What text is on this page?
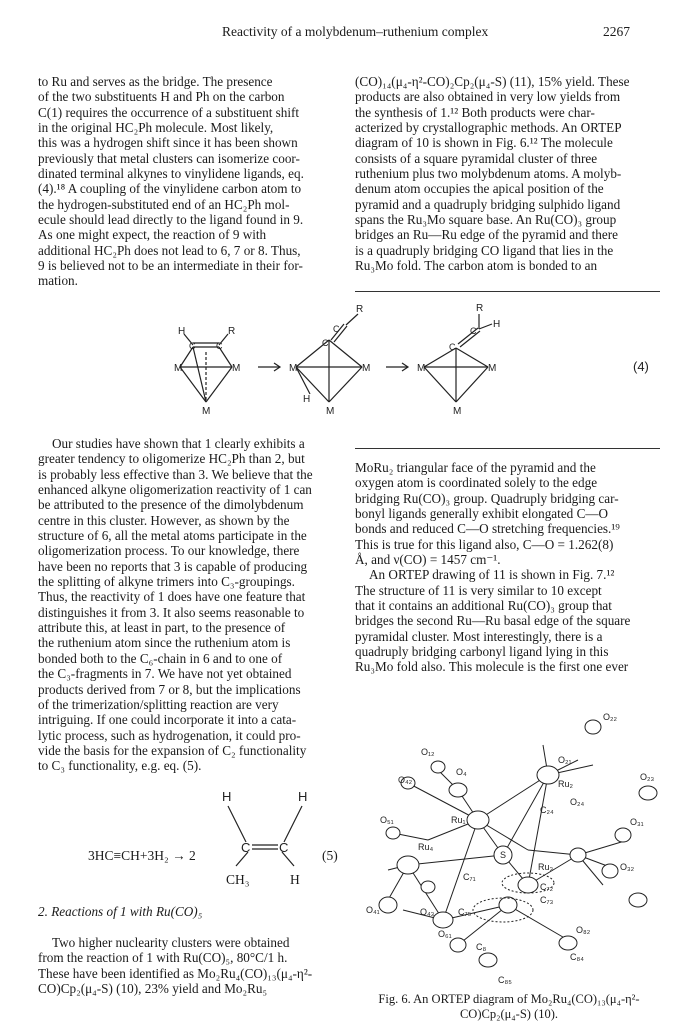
Reactivity of a molybdenum–ruthenium complex	2267

to Ru and serves as the bridge. The presence

of the two substituents H and Ph on the carbon

C(1) requires the occurrence of a substituent shift

in the original HC₂Ph molecule. Most likely,

this was a hydrogen shift since it has been shown

previously that metal clusters can isomerize coor-

dinated terminal alkynes to vinylidene ligands, eq.

(4).¹⁸ A coupling of the vinylidene carbon atom to

the hydrogen-substituted end of an HC₂Ph mol-

ecule should lead directly to the ligand found in 9.

As one might expect, the reaction of 9 with

additional HC₂Ph does not lead to 6, 7 or 8. Thus,

9 is believed not to be an intermediate in their for-

mation.

(CO)₁₄(μ₄-η²-CO)₂Cp₂(μ₄-S) (11), 15% yield. These

products are also obtained in very low yields from

the synthesis of 1.¹² Both products were char-

acterized by crystallographic methods. An ORTEP

diagram of 10 is shown in Fig. 6.¹² The molecule

consists of a square pyramidal cluster of three

ruthenium plus two molybdenum atoms. A molyb-

denum atom occupies the apical position of the

pyramid and a quadruply bridging sulphido ligand

spans the Ru₃Mo square base. An Ru(CO)₃ group

bridges an Ru—Ru edge of the pyramid and there

is a quadruply bridging CO ligand that lies in the

Ru₃Mo fold. The carbon atom is bonded to an

M	M
M
H	R
C C
M	M
M
H
C
C
R
M	M
M
R
H
C
C
(4)

Our studies have shown that 1 clearly exhibits a

greater tendency to oligomerize HC₂Ph than 2, but

is probably less effective than 3. We believe that the

enhanced alkyne oligomerization reactivity of 1 can

be attributed to the presence of the dimolybdenum

centre in this cluster. However, as shown by the

structure of 6, all the metal atoms participate in the

oligomerization process. To our knowledge, there

have been no reports that 3 is capable of producing

the splitting of alkyne trimers into C₃-groupings.

Thus, the reactivity of 1 does have one feature that

distinguishes it from 3. It also seems reasonable to

attribute this, at least in part, to the presence of

the ruthenium atom since the ruthenium atom is

bonded both to the C₆-chain in 6 and to one of

the C₃-fragments in 7. We have not yet obtained

products derived from 7 or 8, but the implications

of the trimerization/splitting reaction are very

intriguing. If one could incorporate it into a cata-

lytic process, such as hydrogenation, it could pro-

vide the basis for the expansion of C₂ functionality

to C₃ functionality, e.g. eq. (5).

MoRu₂ triangular face of the pyramid and the

oxygen atom is coordinated solely to the edge

bridging Ru(CO)₃ group. Quadruply bridging car-

bonyl ligands generally exhibit elongated C—O

bonds and reduced C—O stretching frequencies.¹⁹

This is true for this ligand also, C—O = 1.262(8)

Å, and ν(CO) = 1457 cm⁻¹.

An ORTEP drawing of 11 is shown in Fig. 7.¹²

The structure of 11 is very similar to 10 except

that it contains an additional Ru(CO)₃ group that

bridges the second Ru—Ru basal edge of the square

pyramidal cluster. Most interestingly, there is a

quadruply bridging carbonyl ligand lying in this

Ru₃Mo fold also. This molecule is the first one ever

3HC≡CH+3H₂ → 2
H	H
C C
CH₃	H
(5)
2. Reactions of 1 with Ru(CO)₅

Two higher nuclearity clusters were obtained

from the reaction of 1 with Ru(CO)₅, 80°C/1 h.

These have been identified as Mo₂Ru₄(CO)₁₃(μ₄-η²-

CO)Cp₂(μ₄-S) (10), 23% yield and Mo₂Ru₅

O₂₂
O₁₂
O₂₁
O₄
O₄₂	Ru₂
Ru₁
O₅₁
C₂₄
O₂₄
O₂₃
Ru₄
S
O₃₁
Ru₃
C₇₁
C₇₂
O₃₂
C₇₃
O₄₁	O₄₃	C₇₅
O₆₁
C₈
O₈₂
C₈₄
C₈₅
Fig. 6. An ORTEP diagram of Mo₂Ru₄(CO)₁₃(μ₄-η²-
CO)Cp₂(μ₄-S) (10).
